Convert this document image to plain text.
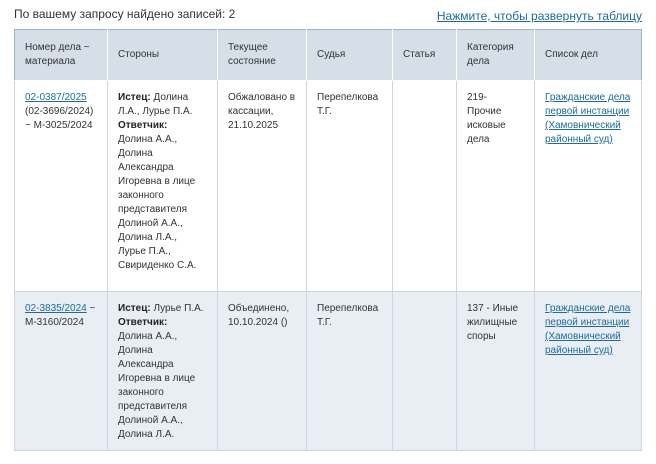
По вашему запросу найдено записей: 2	Нажмите, чтобы развернуть таблицу
Номер дела ~ материала	Стороны	Текущее состояние	Судья	Статья	Категория дела	Список дел
02-0387/2025
(02-3696/2024) ~ М-3025/2024	Истец: Долина Л.А., Лурье П.А.
Ответчик:
Долина А.А., Долина Александра Игоревна в лице законного представителя Долиной А.А., Долина Л.А., Лурье П.А., Свириденко С.А.	Обжаловано в кассации, 21.10.2025	Перепелкова Т.Г.		219- Прочие исковые дела	Гражданские дела первой инстанции (Хамовнический районный суд)
02-3835/2024 ~ М-3160/2024	Истец: Лурье П.А.
Ответчик:
Долина А.А., Долина Александра Игоревна в лице законного представителя Долиной А.А., Долина Л.А.	Объединено, 10.10.2024 ()	Перепелкова Т.Г.		137 - Иные жилищные споры	Гражданские дела первой инстанции (Хамовнический районный суд)
